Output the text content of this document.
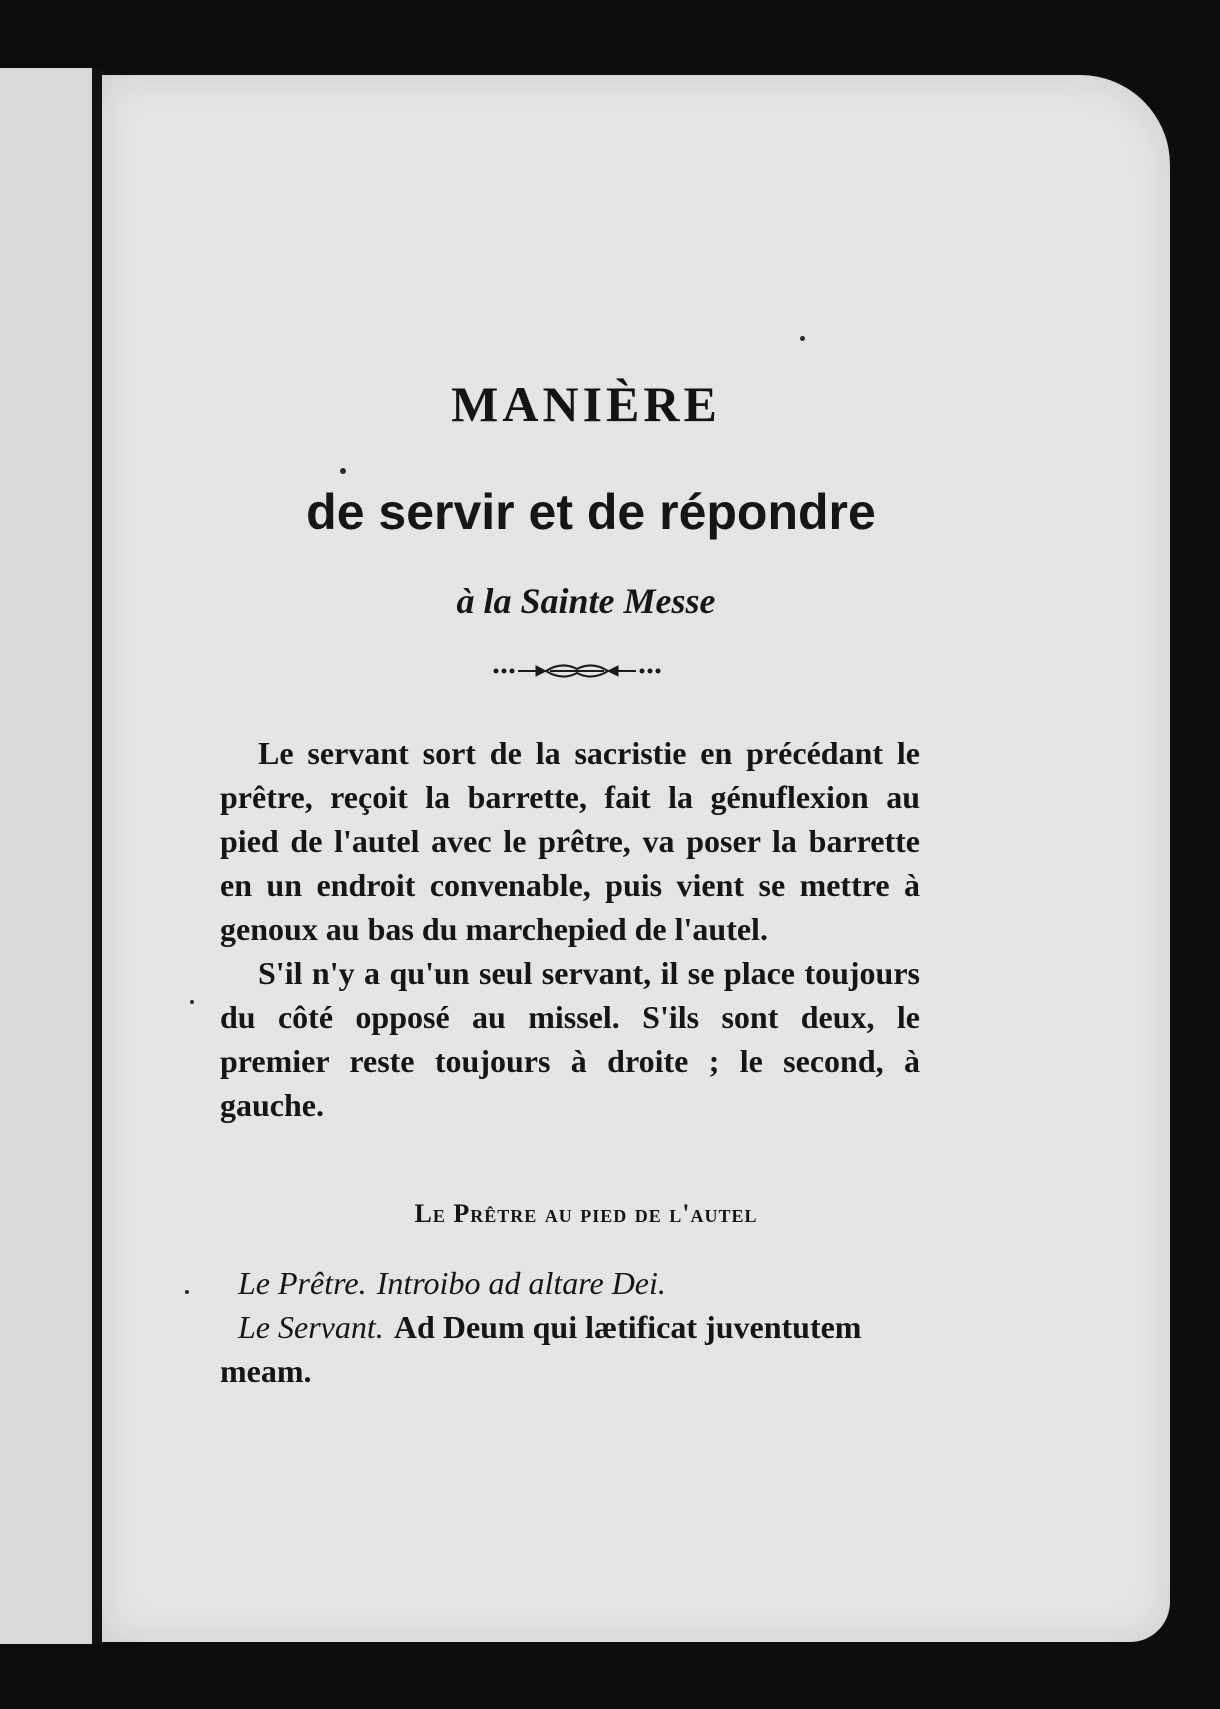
MANIÈRE
de servir et de répondre
à la Sainte Messe

Le servant sort de la sacristie en précédant le prêtre, reçoit la barrette, fait la génuflexion au pied de l'autel avec le prêtre, va poser la barrette en un endroit convenable, puis vient se mettre à genoux au bas du marchepied de l'autel.

S'il n'y a qu'un seul servant, il se place toujours du côté opposé au missel. S'ils sont deux, le premier reste toujours à droite ; le second, à gauche.

Le Prêtre au pied de l'autel

Le Prêtre. Introibo ad altare Dei.

Le Servant. Ad Deum qui lætificat juventutem meam.
